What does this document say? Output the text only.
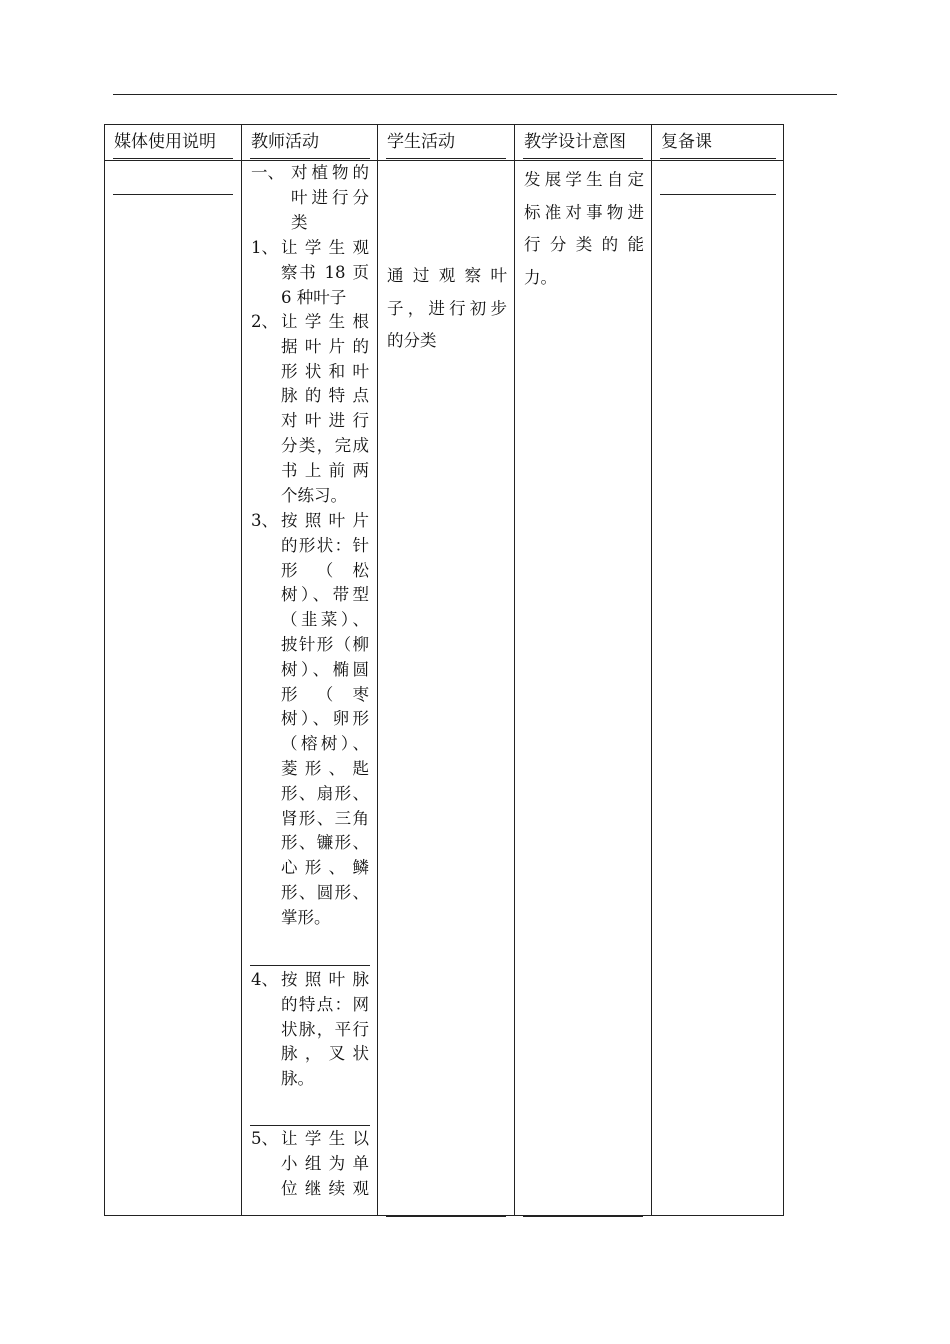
媒体使用说明 教师活动	学生活动	教学设计意图 复备课
一、 对植物的
叶进行分
类
1、 让学生观
察书 18 页
6 种叶子
2、 让学生根
据叶片的
形状和叶
脉的特点
对叶进行
分类，完成
书上前两
个练习。
3、 按照叶片
的形状：针
形 （ 松
树）、带型
（韭菜）、
披针形（柳
树）、椭圆
形 （ 枣
树）、卵形
（榕树）、
菱形、匙
形、扇形、
肾形、三角
形、镰形、
心形、鳞
形、圆形、
掌形。
4、 按照叶脉
的特点：网
状脉，平行
脉，叉状
脉。
5、 让学生以
小组为单
位继续观
通过观察叶
子，进行初步
的分类
发展学生自定
标准对事物进
行分类的能
力。
